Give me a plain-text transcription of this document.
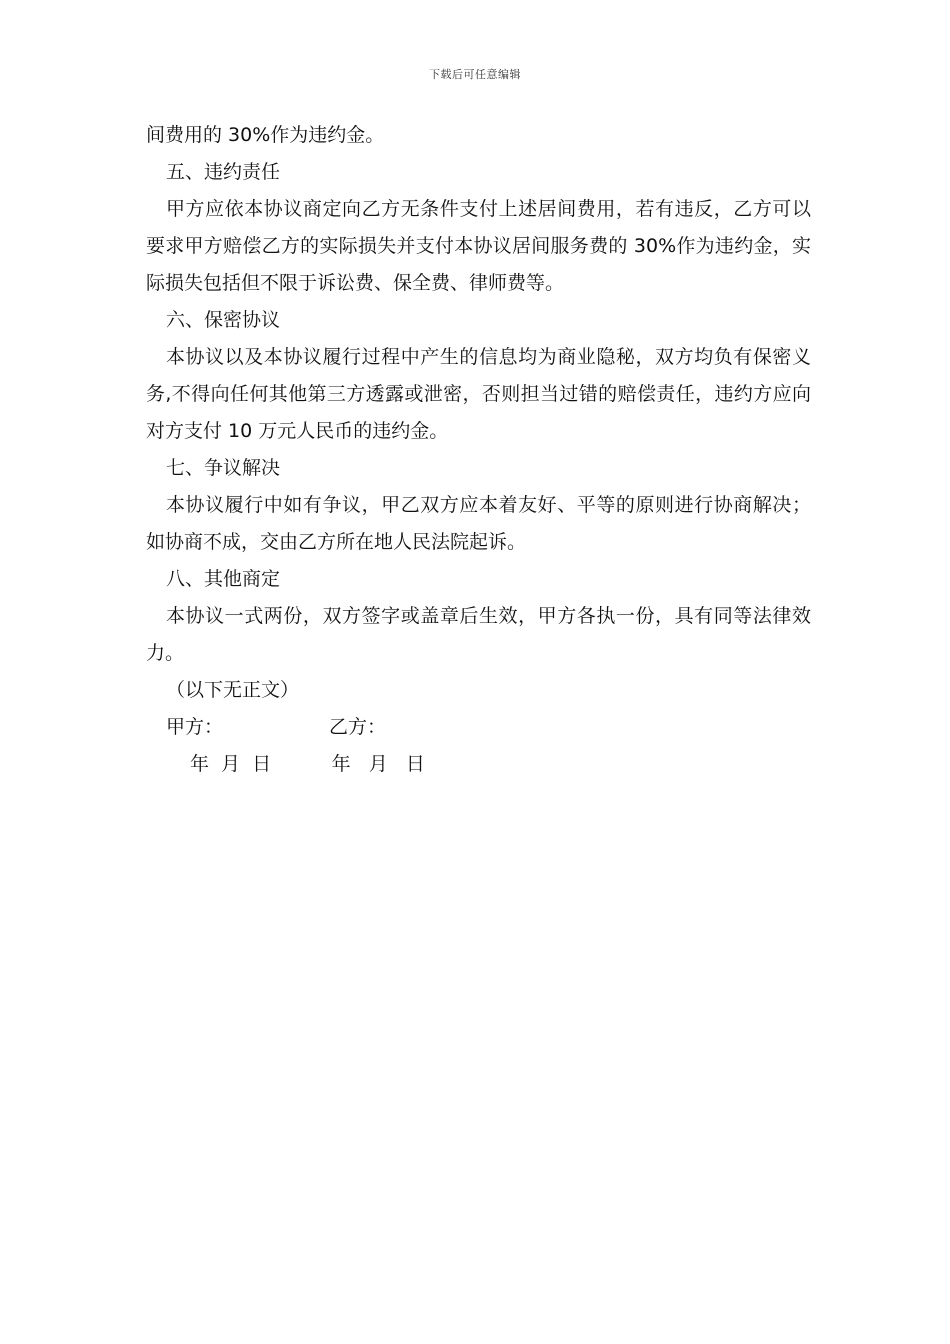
下载后可任意编辑

间费用的 30%作为违约金。

五、违约责任

甲方应依本协议商定向乙方无条件支付上述居间费用，若有违反，乙方可以要求甲方赔偿乙方的实际损失并支付本协议居间服务费的 30%作为违约金，实际损失包括但不限于诉讼费、保全费、律师费等。

六、保密协议

本协议以及本协议履行过程中产生的信息均为商业隐秘，双方均负有保密义务,不得向任何其他第三方透露或泄密，否则担当过错的赔偿责任，违约方应向对方支付 10 万元人民币的违约金。

七、争议解决

本协议履行中如有争议，甲乙双方应本着友好、平等的原则进行协商解决；如协商不成，交由乙方所在地人民法院起诉。

八、其他商定

本协议一式两份，双方签字或盖章后生效，甲方各执一份，具有同等法律效力。

（以下无正文）

甲方：	乙方：
年  月  日	年   月   日
